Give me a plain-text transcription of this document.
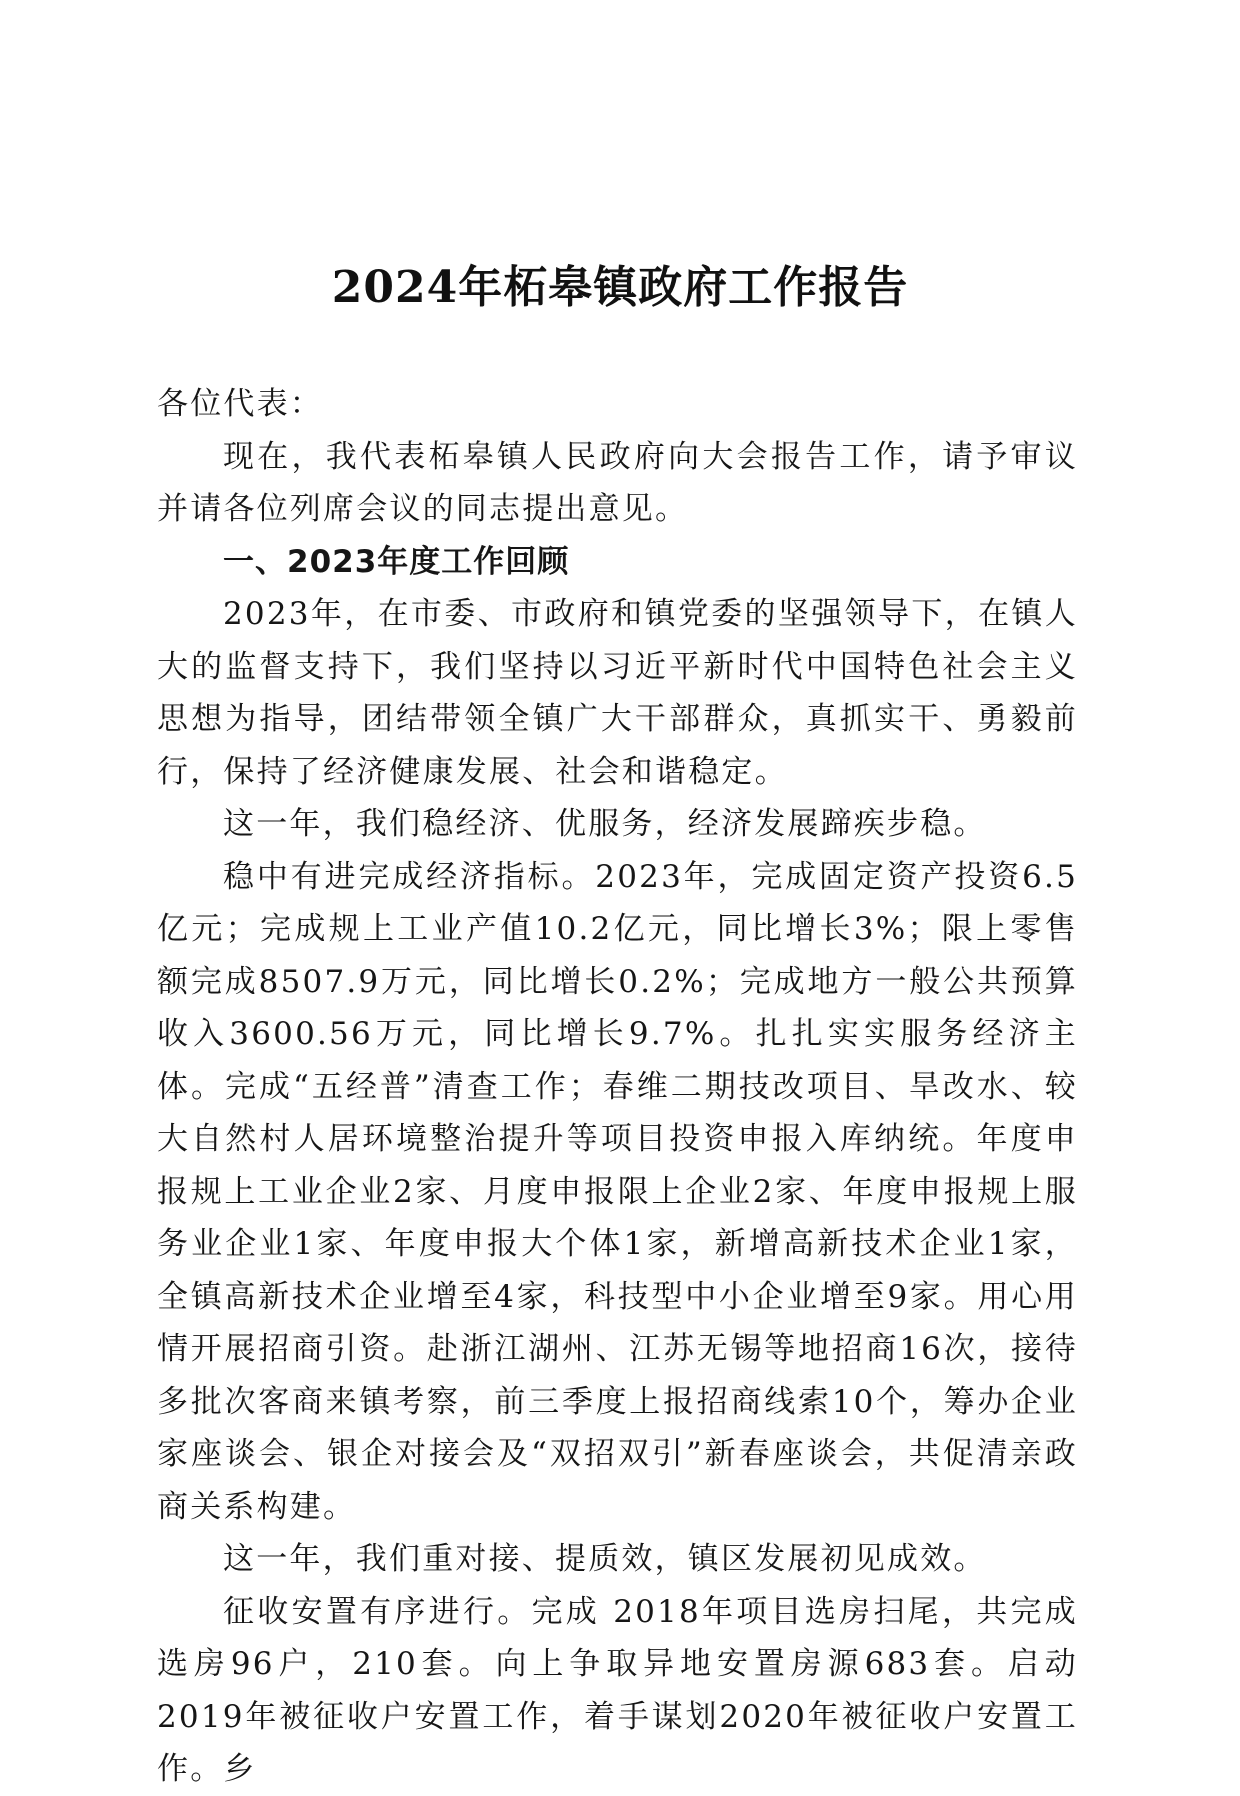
2024年柘皋镇政府工作报告

各位代表：

现在，我代表柘皋镇人民政府向大会报告工作，请予审议并请各位列席会议的同志提出意见。

一、2023年度工作回顾

2023年，在市委、市政府和镇党委的坚强领导下，在镇人大的监督支持下，我们坚持以习近平新时代中国特色社会主义思想为指导，团结带领全镇广大干部群众，真抓实干、勇毅前行，保持了经济健康发展、社会和谐稳定。

这一年，我们稳经济、优服务，经济发展蹄疾步稳。

稳中有进完成经济指标。2023年，完成固定资产投资6.5亿元；完成规上工业产值10.2亿元，同比增长3%；限上零售额完成8507.9万元，同比增长0.2%；完成地方一般公共预算收入3600.56万元，同比增长9.7%。扎扎实实服务经济主体。完成“五经普”清查工作；春维二期技改项目、旱改水、较大自然村人居环境整治提升等项目投资申报入库纳统。年度申报规上工业企业2家、月度申报限上企业2家、年度申报规上服务业企业1家、年度申报大个体1家，新增高新技术企业1家，全镇高新技术企业增至4家，科技型中小企业增至9家。用心用情开展招商引资。赴浙江湖州、江苏无锡等地招商16次，接待多批次客商来镇考察，前三季度上报招商线索10个，筹办企业家座谈会、银企对接会及“双招双引”新春座谈会，共促清亲政商关系构建。

这一年，我们重对接、提质效，镇区发展初见成效。

征收安置有序进行。完成 2018年项目选房扫尾，共完成选房96户，210套。向上争取异地安置房源683套。启动2019年被征收户安置工作，着手谋划2020年被征收户安置工作。乡
